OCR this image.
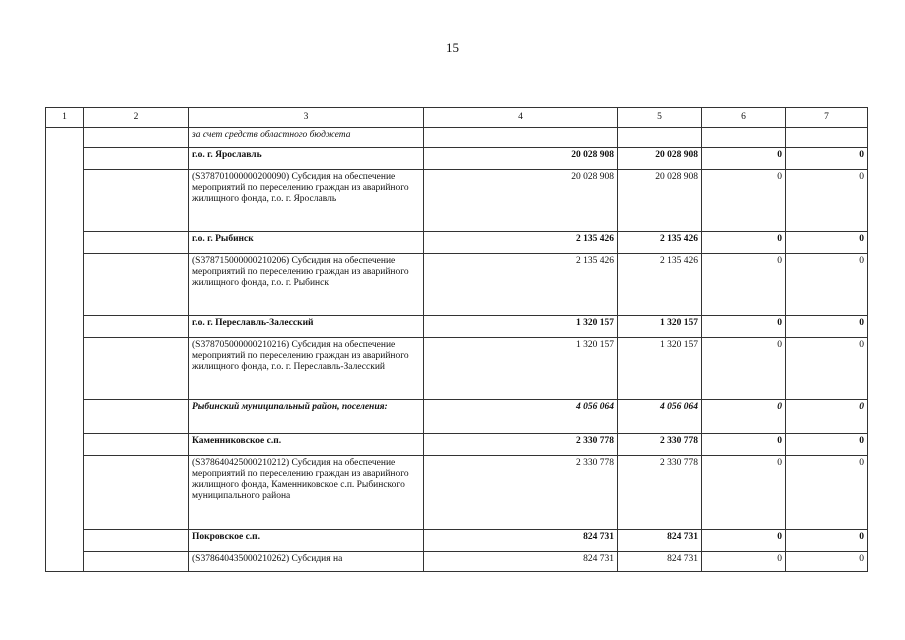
15
1	2	3	4	5	6	7
		за счет средств областного бюджета				
		г.о. г. Ярославль	20 028 908	20 028 908	0	0
		(S378701000000200090) Субсидия на обеспечение мероприятий по переселению граждан из аварийного жилищного фонда, г.о. г. Ярославль	20 028 908	20 028 908	0	0
		г.о. г. Рыбинск	2 135 426	2 135 426	0	0
		(S378715000000210206) Субсидия на обеспечение мероприятий по переселению граждан из аварийного жилищного фонда, г.о. г. Рыбинск	2 135 426	2 135 426	0	0
		г.о. г. Переславль-Залесский	1 320 157	1 320 157	0	0
		(S378705000000210216) Субсидия на обеспечение мероприятий по переселению граждан из аварийного жилищного фонда, г.о. г. Переславль-Залесский	1 320 157	1 320 157	0	0
		Рыбинский муниципальный район, поселения:	4 056 064	4 056 064	0	0
		Каменниковское с.п.	2 330 778	2 330 778	0	0
		(S378640425000210212) Субсидия на обеспечение мероприятий по переселению граждан из аварийного жилищного фонда, Каменниковское с.п. Рыбинского муниципального района	2 330 778	2 330 778	0	0
		Покровское с.п.	824 731	824 731	0	0
		(S378640435000210262) Субсидия на	824 731	824 731	0	0
